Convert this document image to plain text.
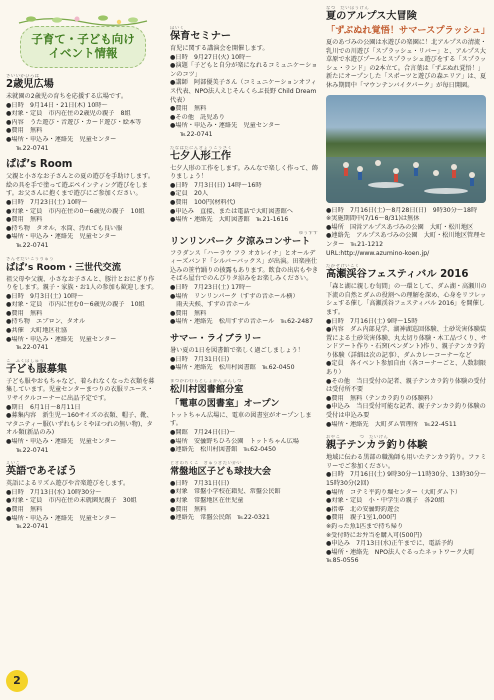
子育て・子ども向け
イベント情報
さいいかひろば
2歳児広場

未就園の2歳児の育ちを応援する広場です。

●日時　9月14日・21日(木) 10時〜

●対象・定員　市内在住の2歳児の親子　8組

●内容　うた遊び・音遊び・カード遊び・絵本等

●費用　無料

●場所・申込み・連絡先　児童センター

℡22-0741

ぱぱ’s Room

父親と小さなお子さんとの夏の遊びを手助けします。絵の具を手で塗って遊ぶペインティング遊びをします。お父さんに抱くまで遊びにご参加ください。

●日時　7月23日(土) 10時〜

●対象・定員　市内在住の0〜6歳児の親子　10組

●費用　無料

●持ち物　タオル、水筒、汚れても良い服

●場所・申込み・連絡先　児童センター

℡22-0741

さんせだいこうりゅう
ぱぱ’s Room・三世代交流

祖父母や父親、小さなお子さんと、豚汁とおにぎり作りをします。親子・家族・お1人の参加も歓迎します。

●日時　9月3日(土) 10時〜

●対象・定員　市内に住む0〜6歳児の親子　10組

●費用　無料

●持ち物　エプロン、タオル

●共催　大町地区社協

●場所・申込み・連絡先　児童センター

℡22-0741

こ　ふくぼしゅう
子ども服募集

子ども服やおもちゃなど、着られなくなった衣類を募集しています。児童センターまつりの衣服リユース・リサイクルコーナーに出品予定です。

●期日　6月1日〜8月11日

●募集内容　新生児〜160サイズの衣類、帽子、靴、マタニティー服(いずれもシミやほつれの無い物)、タオル類(新品のみ)

●場所・申込み・連絡先　児童センター

℡22-0741

えいご
英語であそぼう

英語によるリズム遊びや音楽遊びをします。

●日時　7月13日(水) 10時30分〜

●対象・定員　市内在住の未就園児親子　30組

●費用　無料

●場所・申込み・連絡先　児童センター

℡22-0741

ほいく
保育セミナー

育児に関する講演会を開催します。

●日時　9月27日(火) 10時〜

●演題「子どもと自分が楽になれるコミュニケーションのコツ」

●講師　阿部優美子さん（コミュニケーションオフィス代表、NPO法人えじそんくらぶ長野 Child Dream 代表）

●費用　無料

●その他　託児あり

●場所・申込み・連絡先　児童センター

℡22-0741

たなばたにんぎょうこうさく
七夕人形工作

七夕人形の工作をします。みんなで楽しく作って、飾りましょう！

●日時　7月3日(日) 14時〜16時

●定員　20人

●費用　100円(材料代)

●申込み　直接、または電話で大町図書館へ

●場所・連絡先　大町図書館　℡21-1616

ゆうすず
リンリンパーク 夕涼みコンサート

フラダンス「ハーラウ フラ オカレイナ」とオールディーズバンド「シルバーバックス」が出演。田楽座仕込みの笹竹踊りの披露もあります。飲食の出店もやきそばら屋台でのんびりタ涼みをお楽しみください。

●日時　7月23日(土) 17時〜

●場所　リンリンパーク（すずの音ホール横）

　雨天天候、すずの音ホール

●費用　無料

●場所・連絡先　松川すずの音ホール　℡62-2487

サマー・ライブラリー

暑い夏の1日を図書館で楽しく過ごしましょう！

●日時　7月31日(日)

●場所・連絡先　松川村図書館　℡62-0450

まつかわむらとしょかんぶんしつ
松川村図書館分室
「電車の図書室」オープン

トットちゃん広場に、電車の図書室がオープンします。

●開館　7月24日(日)〜

●場所　安曇野ちひろ公園　トットちゃん広場

●連絡先　松川村図書館　℡62-0450

ときわちくこ　きゅうぎたいかい
常盤地区子ども球技大会

●日時　7月31日(日)

●対象　常盤小学校在籍児、常盤公民館

●対象　常盤地区在住児童

●費用　無料

●連絡先　常盤公民館　℡22-0321

なつ　だいぼうけん
夏のアルプス大冒険
「ずぶぬれ覚悟！サマースプラッシュ」

夏のあづみの公園は水遊びの楽園に！北アルプスの清流・乳川での川遊び「スプラッシュ・リバー」と、アルプス大草原で水遊びプールとスプラッシュ遊びをする「スプラッシュ・ランド」の2本立て。合言葉は「ずぶぬれ覚悟！」新たにオープンした「スポーツと遊びの森エリア」は、夏休み期間中「マウンテンバイクパーク」が毎日開園。

●日時　7月16日(土)〜8月28日(日)　9時30分〜18時

※実施期間中(7/16〜8/31)は無休

●場所　国営アルプスあづみの公園　大町・松川地区

●連絡先　アルプスあづみの公園　大町・松川地区管理センター　℡21-1212

URL:http://www.azumino-koen.jp/

たかせけいこく
高瀬渓谷フェスティバル 2016

「森と湖に親しむ旬間」の一環として、ダム湖・高瀬川の下流の自然とダムの役割への理解を深め、心身をリフレッシュする催し「高瀬渓谷フェスティバル 2016」を開催します。

●日時　7月16日(土) 9時〜15時

●内容　ダム内部見学、湖神湖巡回体験、土砂災害体験装置による土砂災害体験、丸太切り体験・木工品づくり、サンドアート作り・石窯(ペンダント)作り、親子テンカラ釣り体験（詳細は次の記事）、ダムカレーコーナーなど

●定員　各イベント参加自由（各コーナーごと、人数制限あり）

●その他　当日受付の記者、親子テンカラ釣り体験の受付は受付所不要

●費用　無料（テンカラ釣りの体験料）

●申込み　当日受付可能な記者、親子テンカラ釣り体験の受付は申込み要

●場所・連絡先　大町ダム管理所　℡22-4511

おやこ　　　　つ　たいけん
親子テンカラ釣り体験

地域に伝わる黒部の職漁師も用いたテンカラ釣り。ファミリーでご参加ください。

●日時　7月16日(土) 9時30分〜11時30分、13時30分〜15時30分(2回)

●場所　コテミ平釣り堀センター（大町ダム下）

●対象・定員　小・中学生の親子　各20組

●指導　北の安曇野釣遊会

●費用　親子1室1,000円

※釣った魚1匹まで持ち帰り

※受付時にお弁当を購入可(500円)

●申込み　7月13日(水)正午までに、電話予約

●場所・連絡先　NPO法人ぐるったネットワーク大町　℡85-0556

2
